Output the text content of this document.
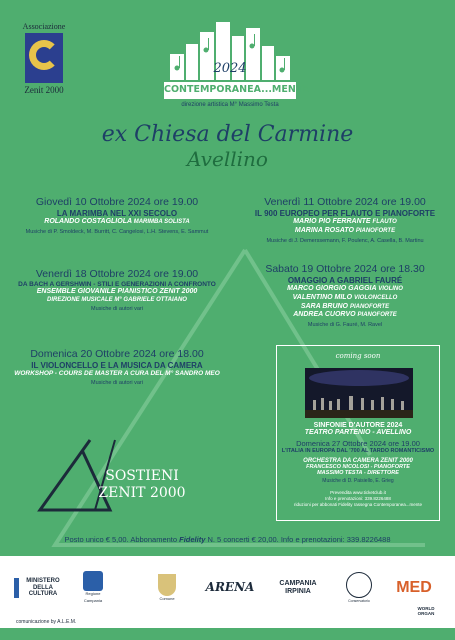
Associazione
Zenit 2000
2024
CONTEMPORANEA...MENTE
direzione artistica M° Massimo Testa
ex Chiesa del Carmine
Avellino
Giovedì 10 Ottobre 2024 ore 19.00
LA MARIMBA NEL XXI SECOLO
ROLANDO COSTAGLIOLA MARIMBA SOLISTA
Musiche di P. Smoldeck, M. Burritt, C. Cangelosi, L.H. Stevens, E. Sammut
Venerdì 11 Ottobre 2024 ore 19.00
IL 900 EUROPEO PER FLAUTO E PIANOFORTE
MARIO PIO FERRANTE FLAUTO
MARINA ROSATO PIANOFORTE
Musiche di J. Demerssemann, F. Poulenc, A. Casella, B. Martinu
Venerdì 18 Ottobre 2024 ore 19.00
DA BACH A GERSHWIN - STILI E GENERAZIONI A CONFRONTO
ENSEMBLE GIOVANILE PIANISTICO ZENIT 2000
DIREZIONE MUSICALE M° GABRIELE OTTAIANO
Musiche di autori vari
Sabato 19 Ottobre 2024 ore 18.30
OMAGGIO A GABRIEL FAURÉ
MARCO GIORGIO GAGGIA VIOLINO
VALENTINO MILO VIOLONCELLO
SARA BRUNO PIANOFORTE
ANDREA CUORVO PIANOFORTE
Musiche di G. Fauré, M. Ravel
Domenica 20 Ottobre 2024 ore 18.00
IL VIOLONCELLO E LA MUSICA DA CAMERA
WORKSHOP - COURS DE MASTER A CURA DEL M° SANDRO MEO
Musiche di autori vari
coming soon
SINFONIE D'AUTORE 2024
TEATRO PARTENIO - AVELLINO
Domenica 27 Ottobre 2024 ore 19.00
L'ITALIA IN EUROPA DAL '700 AL TARDO ROMANTICISMO
ORCHESTRA DA CAMERA ZENIT 2000
FRANCESCO NICOLOSI - PIANOFORTE
MASSIMO TESTA - DIRETTORE
Musiche di D. Paisiello, E. Grieg
Prevendita www.ticketclub.it
Info e prenotazioni: 339.8226488
riduzioni per abbonati Fidelity rassegna Contemporanea...mente
SOSTIENI
ZENIT 2000
Posto unico € 5,00. Abbonamento Fidelity N. 5 concerti € 20,00. Info e prenotazioni: 339.8226488
MINISTERO DELLA CULTURA	Regione Campania	Comune
ARENA	CAMPANIA IRPINIA
Conservatorio
MED
WORLD ORGAN
comunicazione by A.L.E.M.
